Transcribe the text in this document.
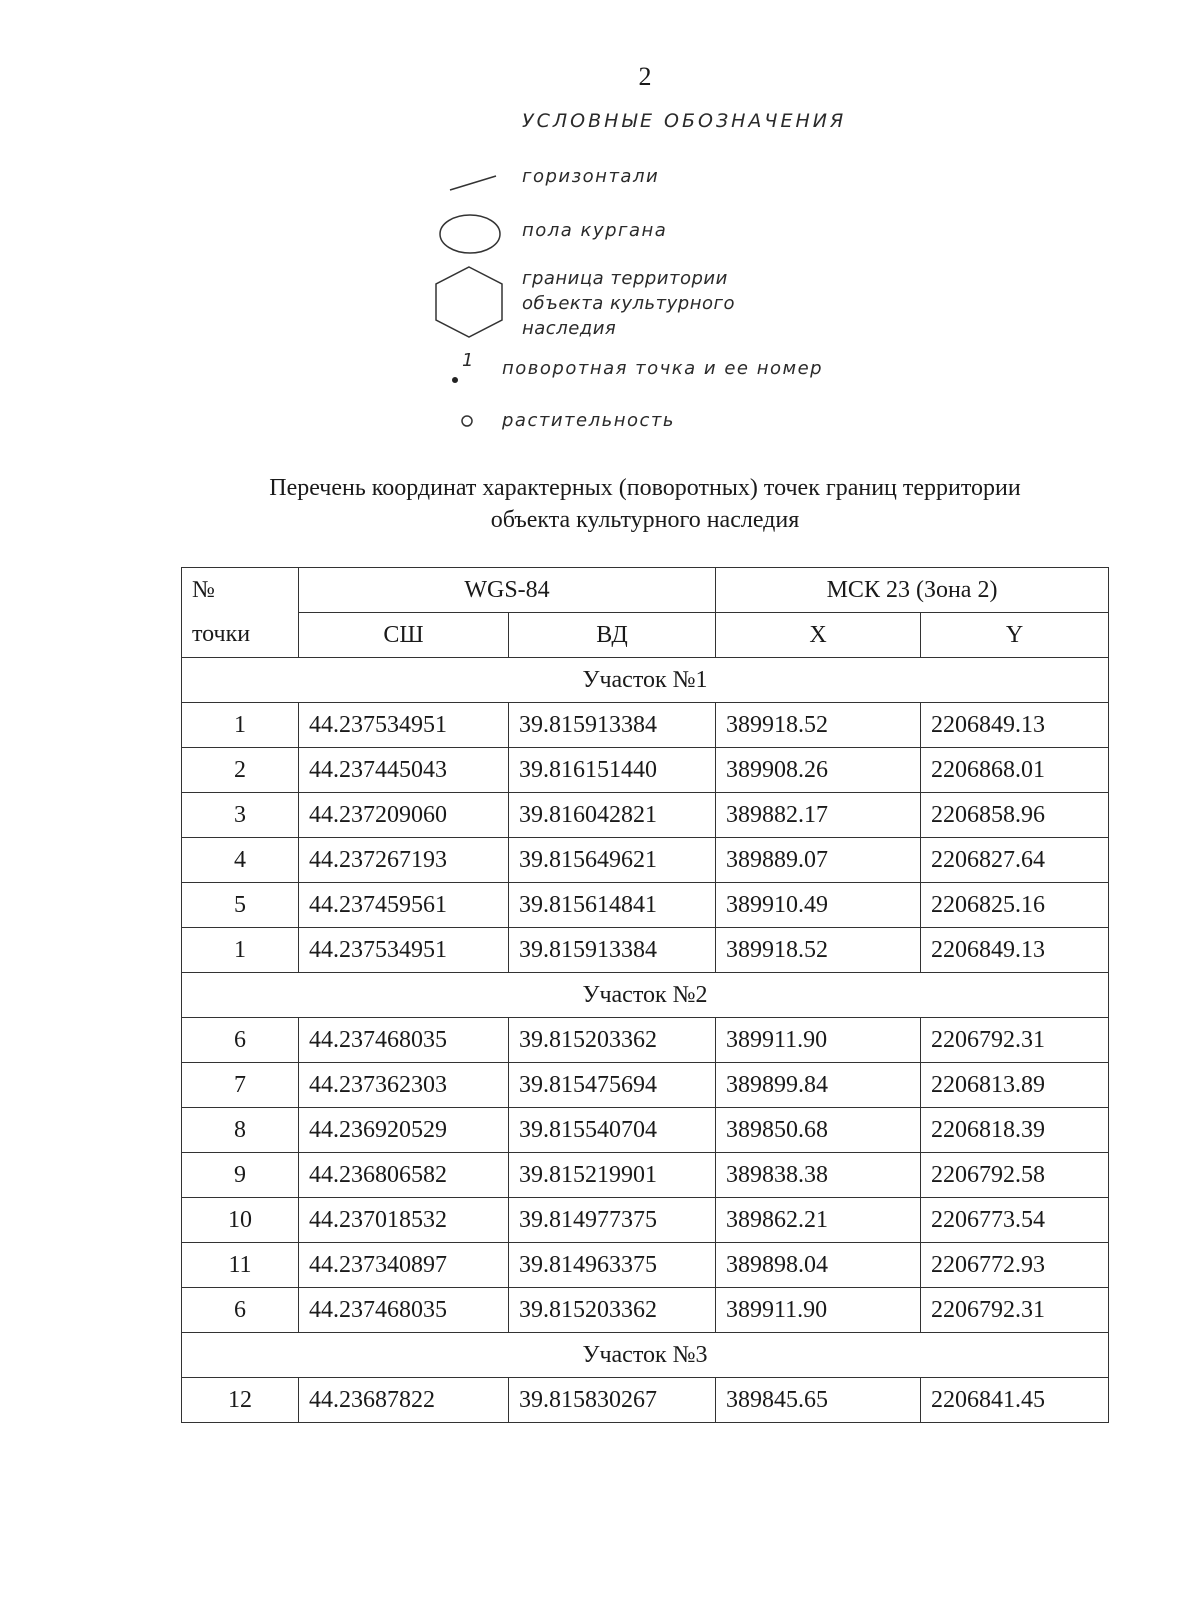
2
УСЛОВНЫЕ ОБОЗНАЧЕНИЯ
горизонтали
пола кургана
граница территории
объекта культурного
наследия
1 поворотная точка и ее номер
растительность
Перечень координат характерных (поворотных) точек границ территории
объекта культурного наследия
№	WGS-84		МСК 23 (Зона 2)	
точки	СШ	ВД	X	Y
Участок №1				
1	44.237534951	39.815913384	389918.52	2206849.13
2	44.237445043	39.816151440	389908.26	2206868.01
3	44.237209060	39.816042821	389882.17	2206858.96
4	44.237267193	39.815649621	389889.07	2206827.64
5	44.237459561	39.815614841	389910.49	2206825.16
1	44.237534951	39.815913384	389918.52	2206849.13
Участок №2				
6	44.237468035	39.815203362	389911.90	2206792.31
7	44.237362303	39.815475694	389899.84	2206813.89
8	44.236920529	39.815540704	389850.68	2206818.39
9	44.236806582	39.815219901	389838.38	2206792.58
10	44.237018532	39.814977375	389862.21	2206773.54
11	44.237340897	39.814963375	389898.04	2206772.93
6	44.237468035	39.815203362	389911.90	2206792.31
Участок №3				
12	44.23687822	39.815830267	389845.65	2206841.45
